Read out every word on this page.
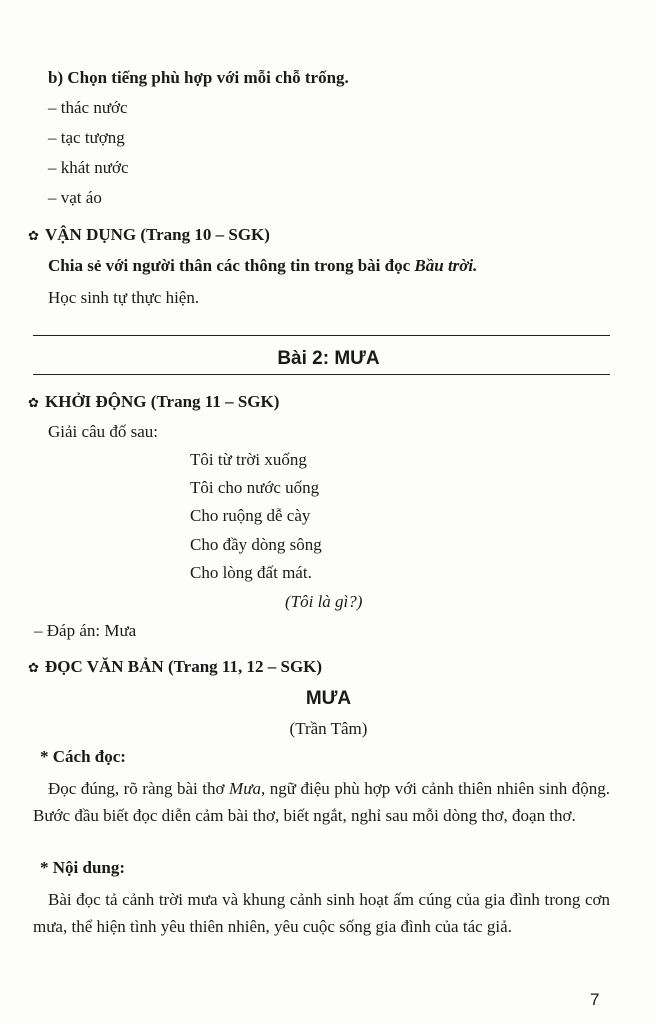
b) Chọn tiếng phù hợp với mỗi chỗ trống.
– thác nước
– tạc tượng
– khát nước
– vạt áo
✿ VẬN DỤNG (Trang 10 – SGK)
Chia sẻ với người thân các thông tin trong bài đọc Bầu trời.
Học sinh tự thực hiện.
Bài 2: MƯA
✿ KHỞI ĐỘNG (Trang 11 – SGK)
Giải câu đố sau:
Tôi từ trời xuống
Tôi cho nước uống
Cho ruộng dễ cày
Cho đầy dòng sông
Cho lòng đất mát.
(Tôi là gì?)
– Đáp án: Mưa
✿ ĐỌC VĂN BẢN (Trang 11, 12 – SGK)
MƯA
(Trần Tâm)
* Cách đọc:
Đọc đúng, rõ ràng bài thơ Mưa, ngữ điệu phù hợp với cảnh thiên nhiên sinh động. Bước đầu biết đọc diễn cảm bài thơ, biết ngắt, nghỉ sau mỗi dòng thơ, đoạn thơ.
* Nội dung:
Bài đọc tả cảnh trời mưa và khung cảnh sinh hoạt ấm cúng của gia đình trong cơn mưa, thể hiện tình yêu thiên nhiên, yêu cuộc sống gia đình của tác giả.
7
